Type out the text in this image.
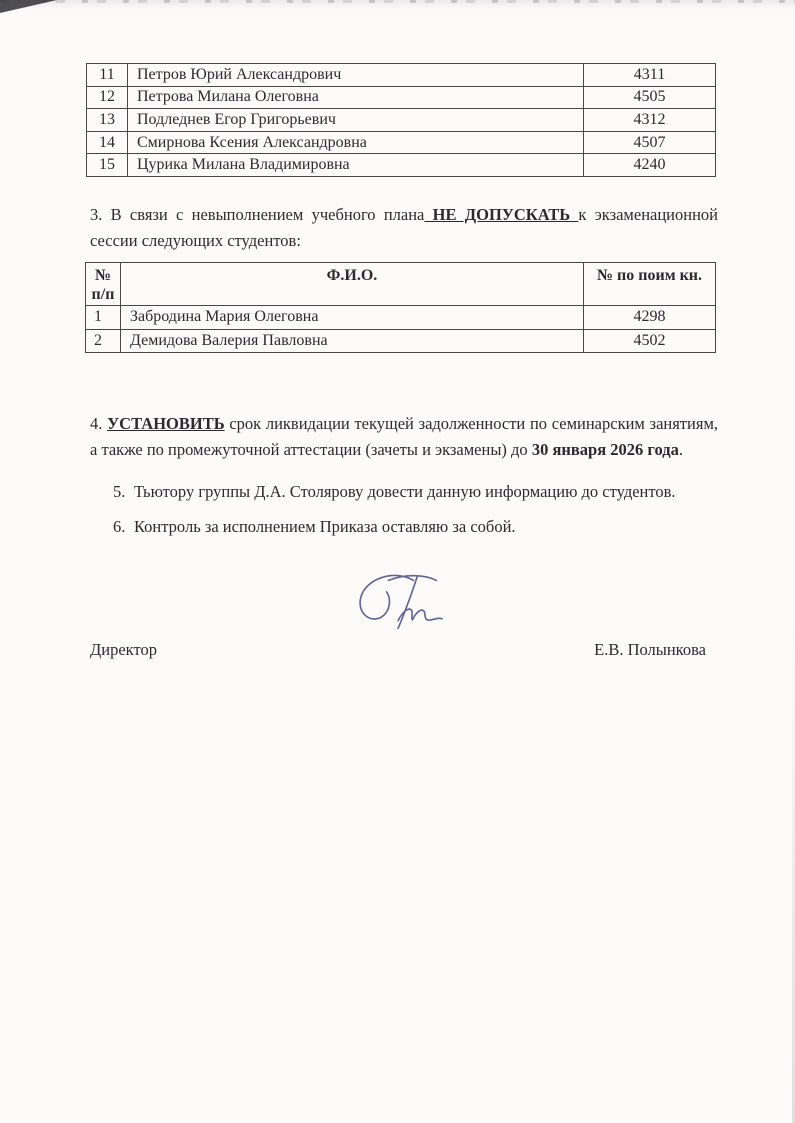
11	Петров Юрий Александрович	4311
12	Петрова Милана Олеговна	4505
13	Подледнев Егор Григорьевич	4312
14	Смирнова Ксения Александровна	4507
15	Цурика Милана Владимировна	4240
3. В связи с невыполнением учебного плана НЕ ДОПУСКАТЬ к экзаменационной сессии следующих студентов:
№
п/п	Ф.И.О.	№ по поим кн.
1	Забродина Мария Олеговна	4298
2	Демидова Валерия Павловна	4502
4. УСТАНОВИТЬ срок ликвидации текущей задолженности по семинарским занятиям, а также по промежуточной аттестации (зачеты и экзамены) до 30 января 2026 года.
5. Тьютору группы Д.А. Столярову довести данную информацию до студентов.
6. Контроль за исполнением Приказа оставляю за собой.
Директор	Е.В. Полынкова
